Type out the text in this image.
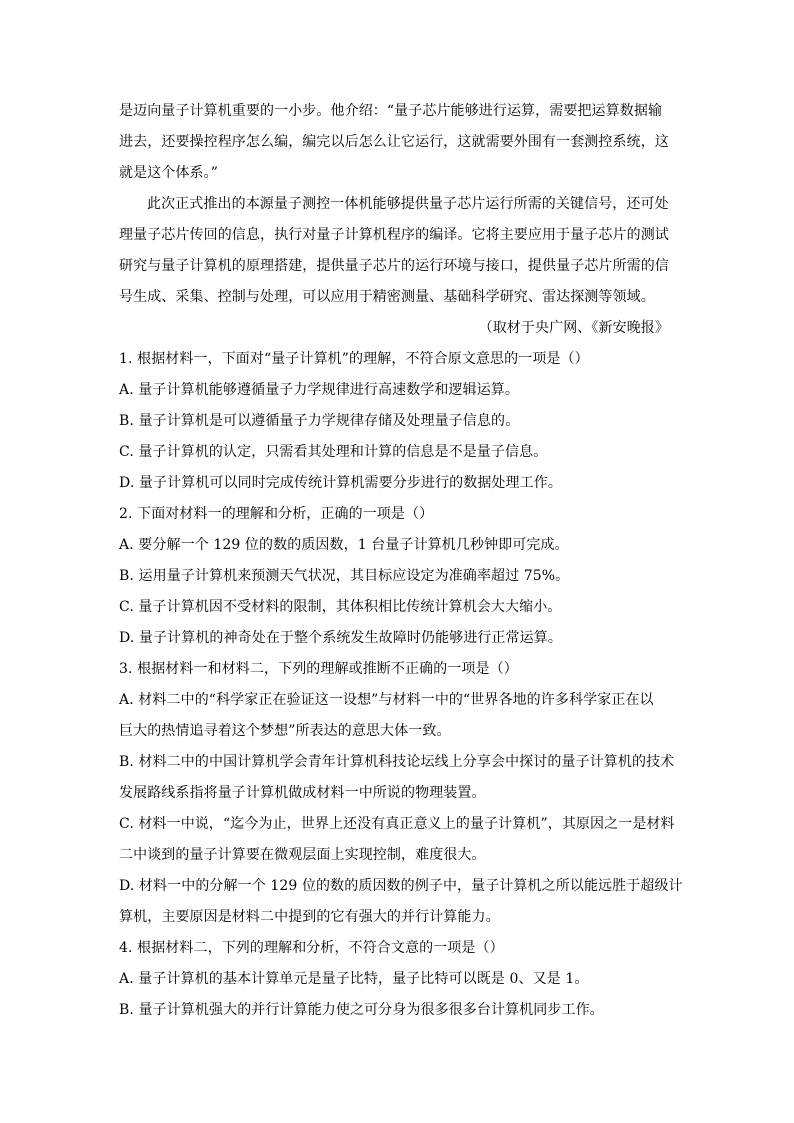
是迈向量子计算机重要的一小步。他介绍：“量子芯片能够进行运算，需要把运算数据输
进去，还要操控程序怎么编，编完以后怎么让它运行，这就需要外围有一套测控系统，这
就是这个体系。”
此次正式推出的本源量子测控一体机能够提供量子芯片运行所需的关键信号，还可处
理量子芯片传回的信息，执行对量子计算机程序的编译。它将主要应用于量子芯片的测试
研究与量子计算机的原理搭建，提供量子芯片的运行环境与接口，提供量子芯片所需的信
号生成、采集、控制与处理，可以应用于精密测量、基础科学研究、雷达探测等领域。
（取材于央广网、《新安晚报》
1. 根据材料一，下面对“量子计算机”的理解，不符合原文意思的一项是（）
A. 量子计算机能够遵循量子力学规律进行高速数学和逻辑运算。
B. 量子计算机是可以遵循量子力学规律存储及处理量子信息的。
C. 量子计算机的认定，只需看其处理和计算的信息是不是量子信息。
D. 量子计算机可以同时完成传统计算机需要分步进行的数据处理工作。
2. 下面对材料一的理解和分析，正确的一项是（）
A. 要分解一个 129 位的数的质因数，1 台量子计算机几秒钟即可完成。
B. 运用量子计算机来预测天气状况，其目标应设定为准确率超过 75%。
C. 量子计算机因不受材料的限制，其体积相比传统计算机会大大缩小。
D. 量子计算机的神奇处在于整个系统发生故障时仍能够进行正常运算。
3. 根据材料一和材料二，下列的理解或推断不正确的一项是（）
A. 材料二中的“科学家正在验证这一设想”与材料一中的“世界各地的许多科学家正在以
巨大的热情追寻着这个梦想”所表达的意思大体一致。
B. 材料二中的中国计算机学会青年计算机科技论坛线上分享会中探讨的量子计算机的技术
发展路线系指将量子计算机做成材料一中所说的物理装置。
C. 材料一中说，“迄今为止，世界上还没有真正意义上的量子计算机”，其原因之一是材料
二中谈到的量子计算要在微观层面上实现控制，难度很大。
D. 材料一中的分解一个 129 位的数的质因数的例子中，量子计算机之所以能远胜于超级计
算机，主要原因是材料二中提到的它有强大的并行计算能力。
4. 根据材料二，下列的理解和分析，不符合文意的一项是（）
A. 量子计算机的基本计算单元是量子比特，量子比特可以既是 0、又是 1。
B. 量子计算机强大的并行计算能力使之可分身为很多很多台计算机同步工作。
